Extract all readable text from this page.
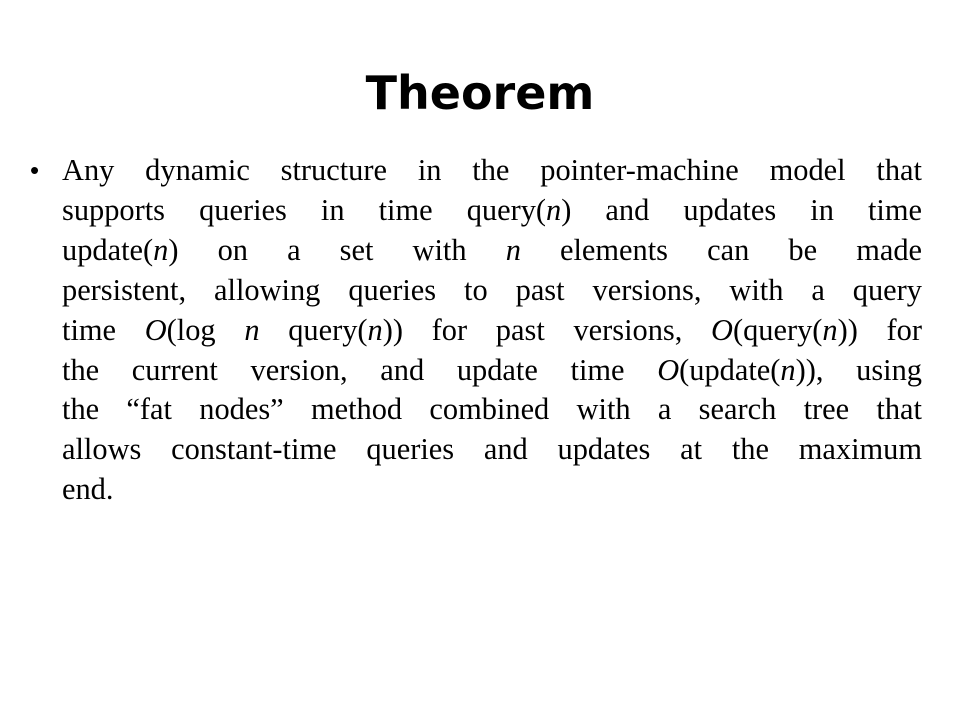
Theorem
• Any dynamic structure in the pointer-machine model that
supports queries in time query(n) and updates in time
update(n) on a set with n elements can be made
persistent, allowing queries to past versions, with a query
time O(log n query(n)) for past versions, O(query(n)) for
the current version, and update time O(update(n)), using
the “fat nodes” method combined with a search tree that
allows constant-time queries and updates at the maximum
end.
